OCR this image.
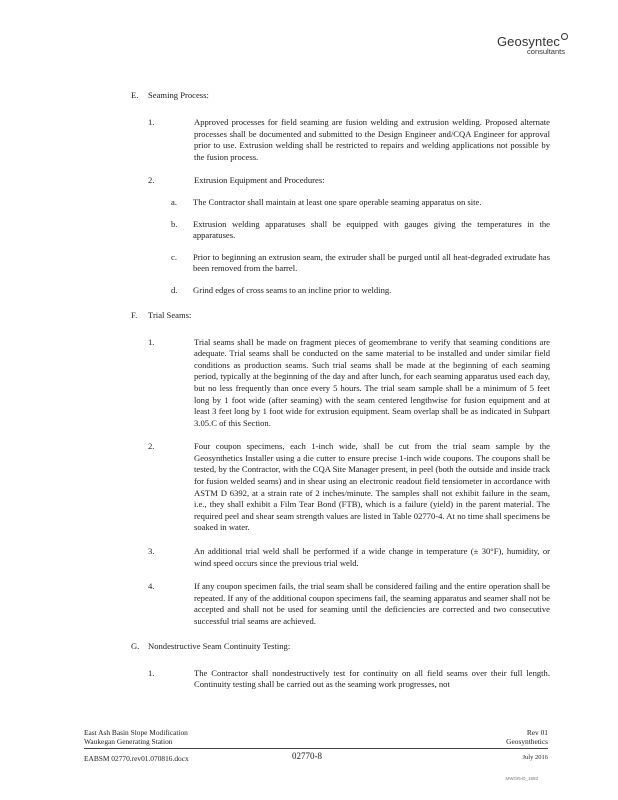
Geosyntec
consultants
E. Seaming Process:
1.	Approved processes for field seaming are fusion welding and extrusion welding. Proposed alternate processes shall be documented and submitted to the Design Engineer and/CQA Engineer for approval prior to use. Extrusion welding shall be restricted to repairs and welding applications not possible by the fusion process.
2.	Extrusion Equipment and Procedures:
a. The Contractor shall maintain at least one spare operable seaming apparatus on site.
b. Extrusion welding apparatuses shall be equipped with gauges giving the temperatures in the apparatuses.
c. Prior to beginning an extrusion seam, the extruder shall be purged until all heat-degraded extrudate has been removed from the barrel.
d. Grind edges of cross seams to an incline prior to welding.
F. Trial Seams:
1.	Trial seams shall be made on fragment pieces of geomembrane to verify that seaming conditions are adequate. Trial seams shall be conducted on the same material to be installed and under similar field conditions as production seams. Such trial seams shall be made at the beginning of each seaming period, typically at the beginning of the day and after lunch, for each seaming apparatus used each day, but no less frequently than once every 5 hours. The trial seam sample shall be a minimum of 5 feet long by 1 foot wide (after seaming) with the seam centered lengthwise for fusion equipment and at least 3 feet long by 1 foot wide for extrusion equipment. Seam overlap shall be as indicated in Subpart 3.05.C of this Section.
2.	Four coupon specimens, each 1-inch wide, shall be cut from the trial seam sample by the Geosynthetics Installer using a die cutter to ensure precise 1-inch wide coupons. The coupons shall be tested, by the Contractor, with the CQA Site Manager present, in peel (both the outside and inside track for fusion welded seams) and in shear using an electronic readout field tensiometer in accordance with ASTM D 6392, at a strain rate of 2 inches/minute. The samples shall not exhibit failure in the seam, i.e., they shall exhibit a Film Tear Bond (FTB), which is a failure (yield) in the parent material. The required peel and shear seam strength values are listed in Table 02770-4. At no time shall specimens be soaked in water.
3.	An additional trial weld shall be performed if a wide change in temperature (± 30°F), humidity, or wind speed occurs since the previous trial weld.
4.	If any coupon specimen fails, the trial seam shall be considered failing and the entire operation shall be repeated. If any of the additional coupon specimens fail, the seaming apparatus and seamer shall not be accepted and shall not be used for seaming until the deficiencies are corrected and two consecutive successful trial seams are achieved.
G. Nondestructive Seam Continuity Testing:
1.	The Contractor shall nondestructively test for continuity on all field seams over their full length. Continuity testing shall be carried out as the seaming work progresses, not
East Ash Basin Slope Modification	Rev 01
Waukegan Generating Station	Geosynthetics
EABSM 02770.rev01.070816.docx	02770-8	July 2016
MWGI5-Ð_1893
